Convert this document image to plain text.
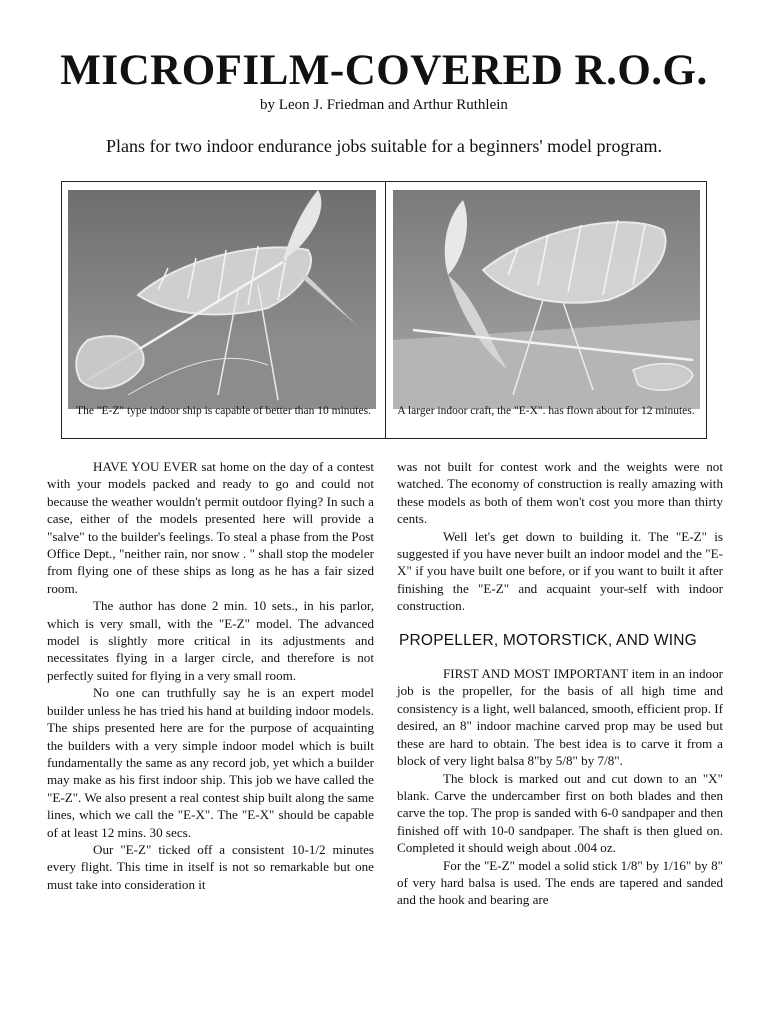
MICROFILM-COVERED R.O.G.

by Leon J. Friedman and Arthur Ruthlein

Plans for two indoor endurance jobs suitable for a beginners' model program.

The "E-Z" type indoor ship is capable of better than 10 minutes.	A larger indoor craft, the "E-X". has flown about for 12 minutes.

HAVE YOU EVER sat home on the day of a contest with your models packed and ready to go and could not because the weather wouldn't permit outdoor flying? In such a case, either of the models presented here will provide a "salve" to the builder's feelings. To steal a phase from the Post Office Dept., "neither rain, nor snow . " shall stop the modeler from flying one of these ships as long as he has a fair sized room.

The author has done 2 min. 10 sets., in his parlor, which is very small, with the "E-Z" model. The advanced model is slightly more critical in its adjustments and necessitates flying in a larger circle, and therefore is not perfectly suited for flying in a very small room.

No one can truthfully say he is an expert model builder unless he has tried his hand at building indoor models. The ships presented here are for the purpose of acquainting the builders with a very simple indoor model which is built fundamentally the same as any record job, yet which a builder may make as his first indoor ship. This job we have called the "E-Z". We also present a real contest ship built along the same lines, which we call the "E-X". The "E-X" should be capable of at least 12 mins. 30 secs.

Our "E-Z" ticked off a consistent 10-1/2 minutes every flight. This time in itself is not so remarkable but one must take into consideration it

was not built for contest work and the weights were not watched. The economy of construction is really amazing with these models as both of them won't cost you more than thirty cents.

Well let's get down to building it. The "E-Z" is suggested if you have never built an indoor model and the "E-X" if you have built one before, or if you want to built it after finishing the "E-Z" and acquaint your-self with indoor construction.

PROPELLER, MOTORSTICK, AND WING

FIRST AND MOST IMPORTANT item in an indoor job is the propeller, for the basis of all high time and consistency is a light, well balanced, smooth, efficient prop. If desired, an 8" indoor machine carved prop may be used but these are hard to obtain. The best idea is to carve it from a block of very light balsa 8"by 5/8" by 7/8".

The block is marked out and cut down to an "X" blank. Carve the undercamber first on both blades and then carve the top. The prop is sanded with 6-0 sandpaper and then finished off with 10-0 sandpaper. The shaft is then glued on. Completed it should weigh about .004 oz.

For the "E-Z" model a solid stick 1/8" by 1/16" by 8" of very hard balsa is used. The ends are tapered and sanded and the hook and bearing are
